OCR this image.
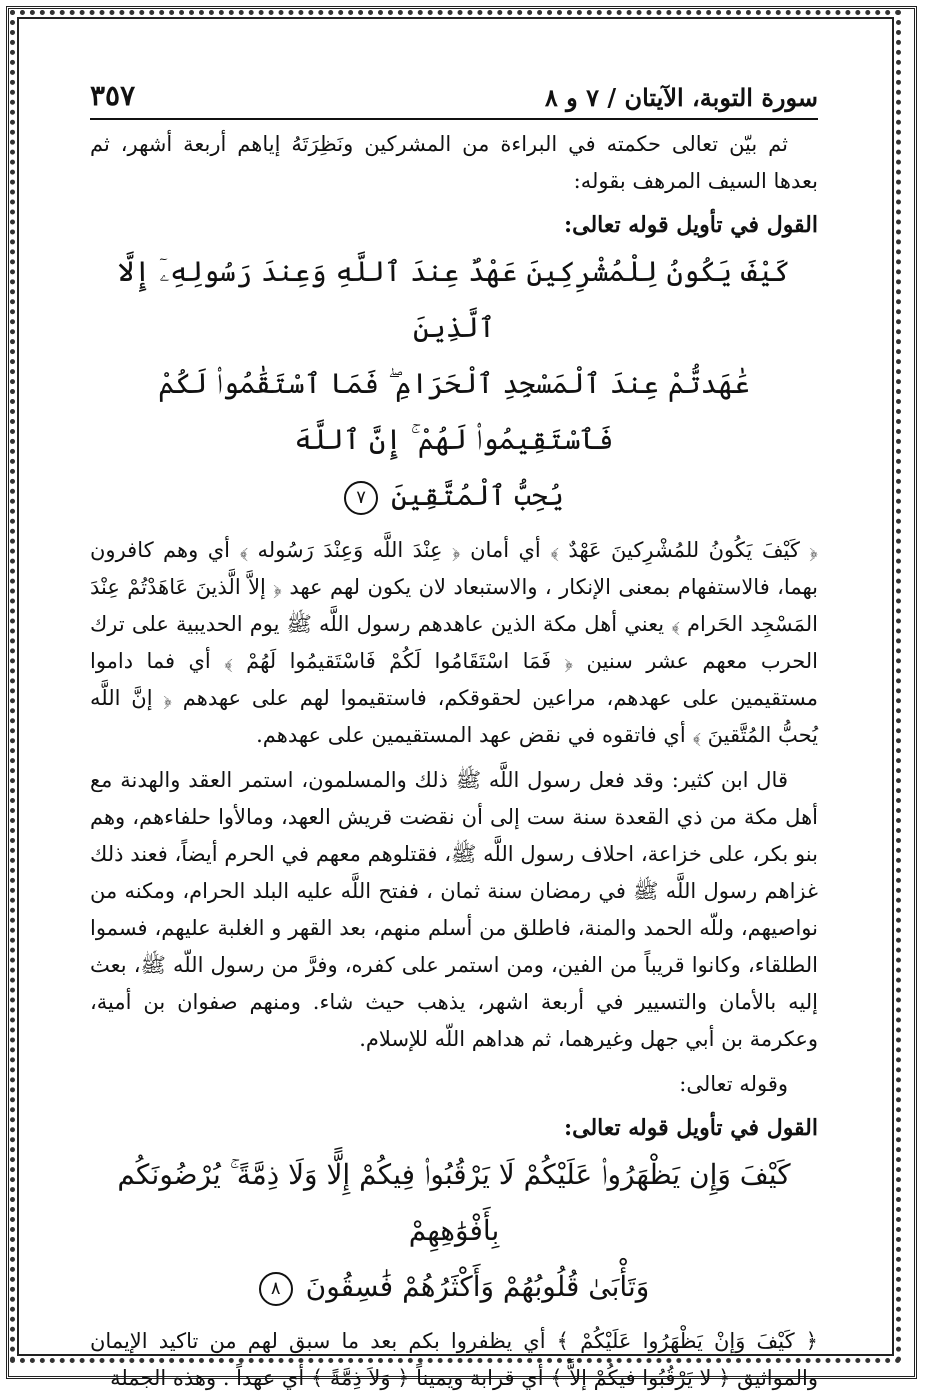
سورة التوبة، الآيتان / ٧ و ٨
٣٥٧

ثم بيّن تعالى حكمته في البراءة من المشركين ونَظِرَتَهُ إياهم أربعة أشهر، ثم بعدها السيف المرهف بقوله:

القول في تأويل قوله تعالى:
كَيْفَ يَكُونُ لِلْمُشْرِكِينَ عَهْدٌ عِندَ ٱللَّهِ وَعِندَ رَسُولِهِۦٓ إِلَّا ٱلَّذِينَ
عَٰهَدتُّمْ عِندَ ٱلْمَسْجِدِ ٱلْحَرَامِ ۖ فَمَا ٱسْتَقَٰمُوا۟ لَكُمْ فَٱسْتَقِيمُوا۟ لَهُمْ ۚ إِنَّ ٱللَّهَ
يُحِبُّ ٱلْمُتَّقِينَ ٧

﴿ كَيْفَ يَكُونُ للمُشْرِكينَ عَهْدٌ ﴾ أي أمان ﴿ عِنْدَ اللَّه وَعِنْدَ رَسُوله ﴾ أي وهم كافرون بهما، فالاستفهام بمعنى الإنكار ، والاستبعاد لان يكون لهم عهد ﴿ إلاَّ الَّذينَ عَاهَدْتُمْ عِنْدَ المَسْجِد الحَرام ﴾ يعني أهل مكة الذين عاهدهم رسول اللَّه ﷺ يوم الحديبية على ترك الحرب معهم عشر سنين ﴿ فَمَا اسْتَقَامُوا لَكُمْ فَاسْتَقيمُوا لَهُمْ ﴾ أي فما داموا مستقيمين على عهدهم، مراعين لحقوقكم، فاستقيموا لهم على عهدهم ﴿ إنَّ اللَّه يُحبُّ المُتَّقينَ ﴾ أي فاتقوه في نقض عهد المستقيمين على عهدهم.

قال ابن كثير: وقد فعل رسول اللَّه ﷺ ذلك والمسلمون، استمر العقد والهدنة مع أهل مكة من ذي القعدة سنة ست إلى أن نقضت قريش العهد، ومالأوا حلفاءهم، وهم بنو بكر، على خزاعة، احلاف رسول اللَّه ﷺ، فقتلوهم معهم في الحرم أيضاً، فعند ذلك غزاهم رسول اللَّه ﷺ في رمضان سنة ثمان ، ففتح اللَّه عليه البلد الحرام، ومكنه من نواصيهم، وللّه الحمد والمنة، فاطلق من أسلم منهم، بعد القهر و الغلبة عليهم، فسموا الطلقاء، وكانوا قريباً من الفين، ومن استمر على كفره، وفرَّ من رسول اللّه ﷺ، بعث إليه بالأمان والتسيير في أربعة اشهر، يذهب حيث شاء. ومنهم صفوان بن أمية، وعكرمة بن أبي جهل وغيرهما، ثم هداهم اللّه للإسلام.

وقوله تعالى:

القول في تأويل قوله تعالى:
كَيْفَ وَإِن يَظْهَرُوا۟ عَلَيْكُمْ لَا يَرْقُبُوا۟ فِيكُمْ إِلًّا وَلَا ذِمَّةً ۚ يُرْضُونَكُم بِأَفْوَٰهِهِمْ
وَتَأْبَىٰ قُلُوبُهُمْ وَأَكْثَرُهُمْ فَٰسِقُونَ ٨

﴿ كَيْفَ وَإنْ يَظْهَرُوا عَلَيْكُمْ ﴾ أي يظفروا بكم بعد ما سبق لهم من تاكيد الإيمان والمواثيق ﴿ لا يَرْقُبُوا فيكُمْ إلاًّ ﴾ أي قرابة ويميناً ﴿ وَلاَ ذِمَّةً ﴾ أي عهداً . وهذه الجملة
